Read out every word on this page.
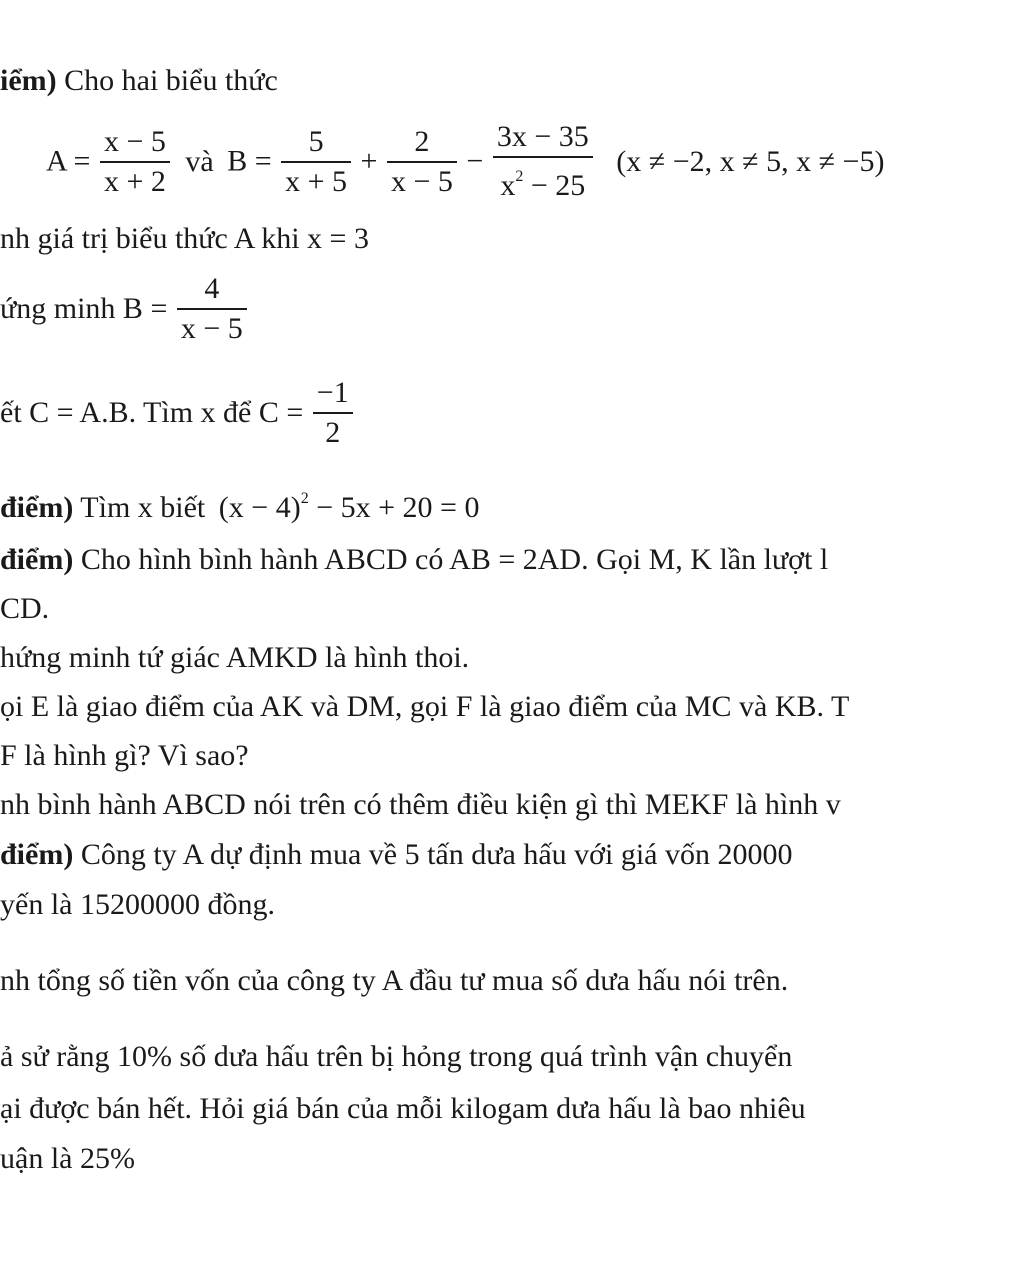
iểm) Cho hai biểu thức
$A = \frac{x - 5}{x + 2}$ và $B = \frac{5}{x + 5} + \frac{2}{x - 5} - \frac{3x - 35}{x^2 - 25} (x \ne -2$, x ≠ 5, x ≠ −5)
nh giá trị biểu thức A khi x = 3
ứng minh $B = \frac{4}{x - 5}$
ết C = A.B. Tìm x để $C = \frac{-1}{2}$
điểm) Tìm x biết $(x - 4)^2 - 5x + 20 = 0$
điểm) Cho hình bình hành ABCD có AB = 2AD. Gọi M, K lần lượt l
CD.
hứng minh tứ giác AMKD là hình thoi.
ọi E là giao điểm của AK và DM, gọi F là giao điểm của MC và KB. T
F là hình gì? Vì sao?
nh bình hành ABCD nói trên có thêm điều kiện gì thì MEKF là hình v
điểm) Công ty A dự định mua về 5 tấn dưa hấu với giá vốn 20000
yến là 15200000 đồng.
nh tổng số tiền vốn của công ty A đầu tư mua số dưa hấu nói trên.
ả sử rằng 10% số dưa hấu trên bị hỏng trong quá trình vận chuyển
ại được bán hết. Hỏi giá bán của mỗi kilogam dưa hấu là bao nhiêu
uận là 25%
